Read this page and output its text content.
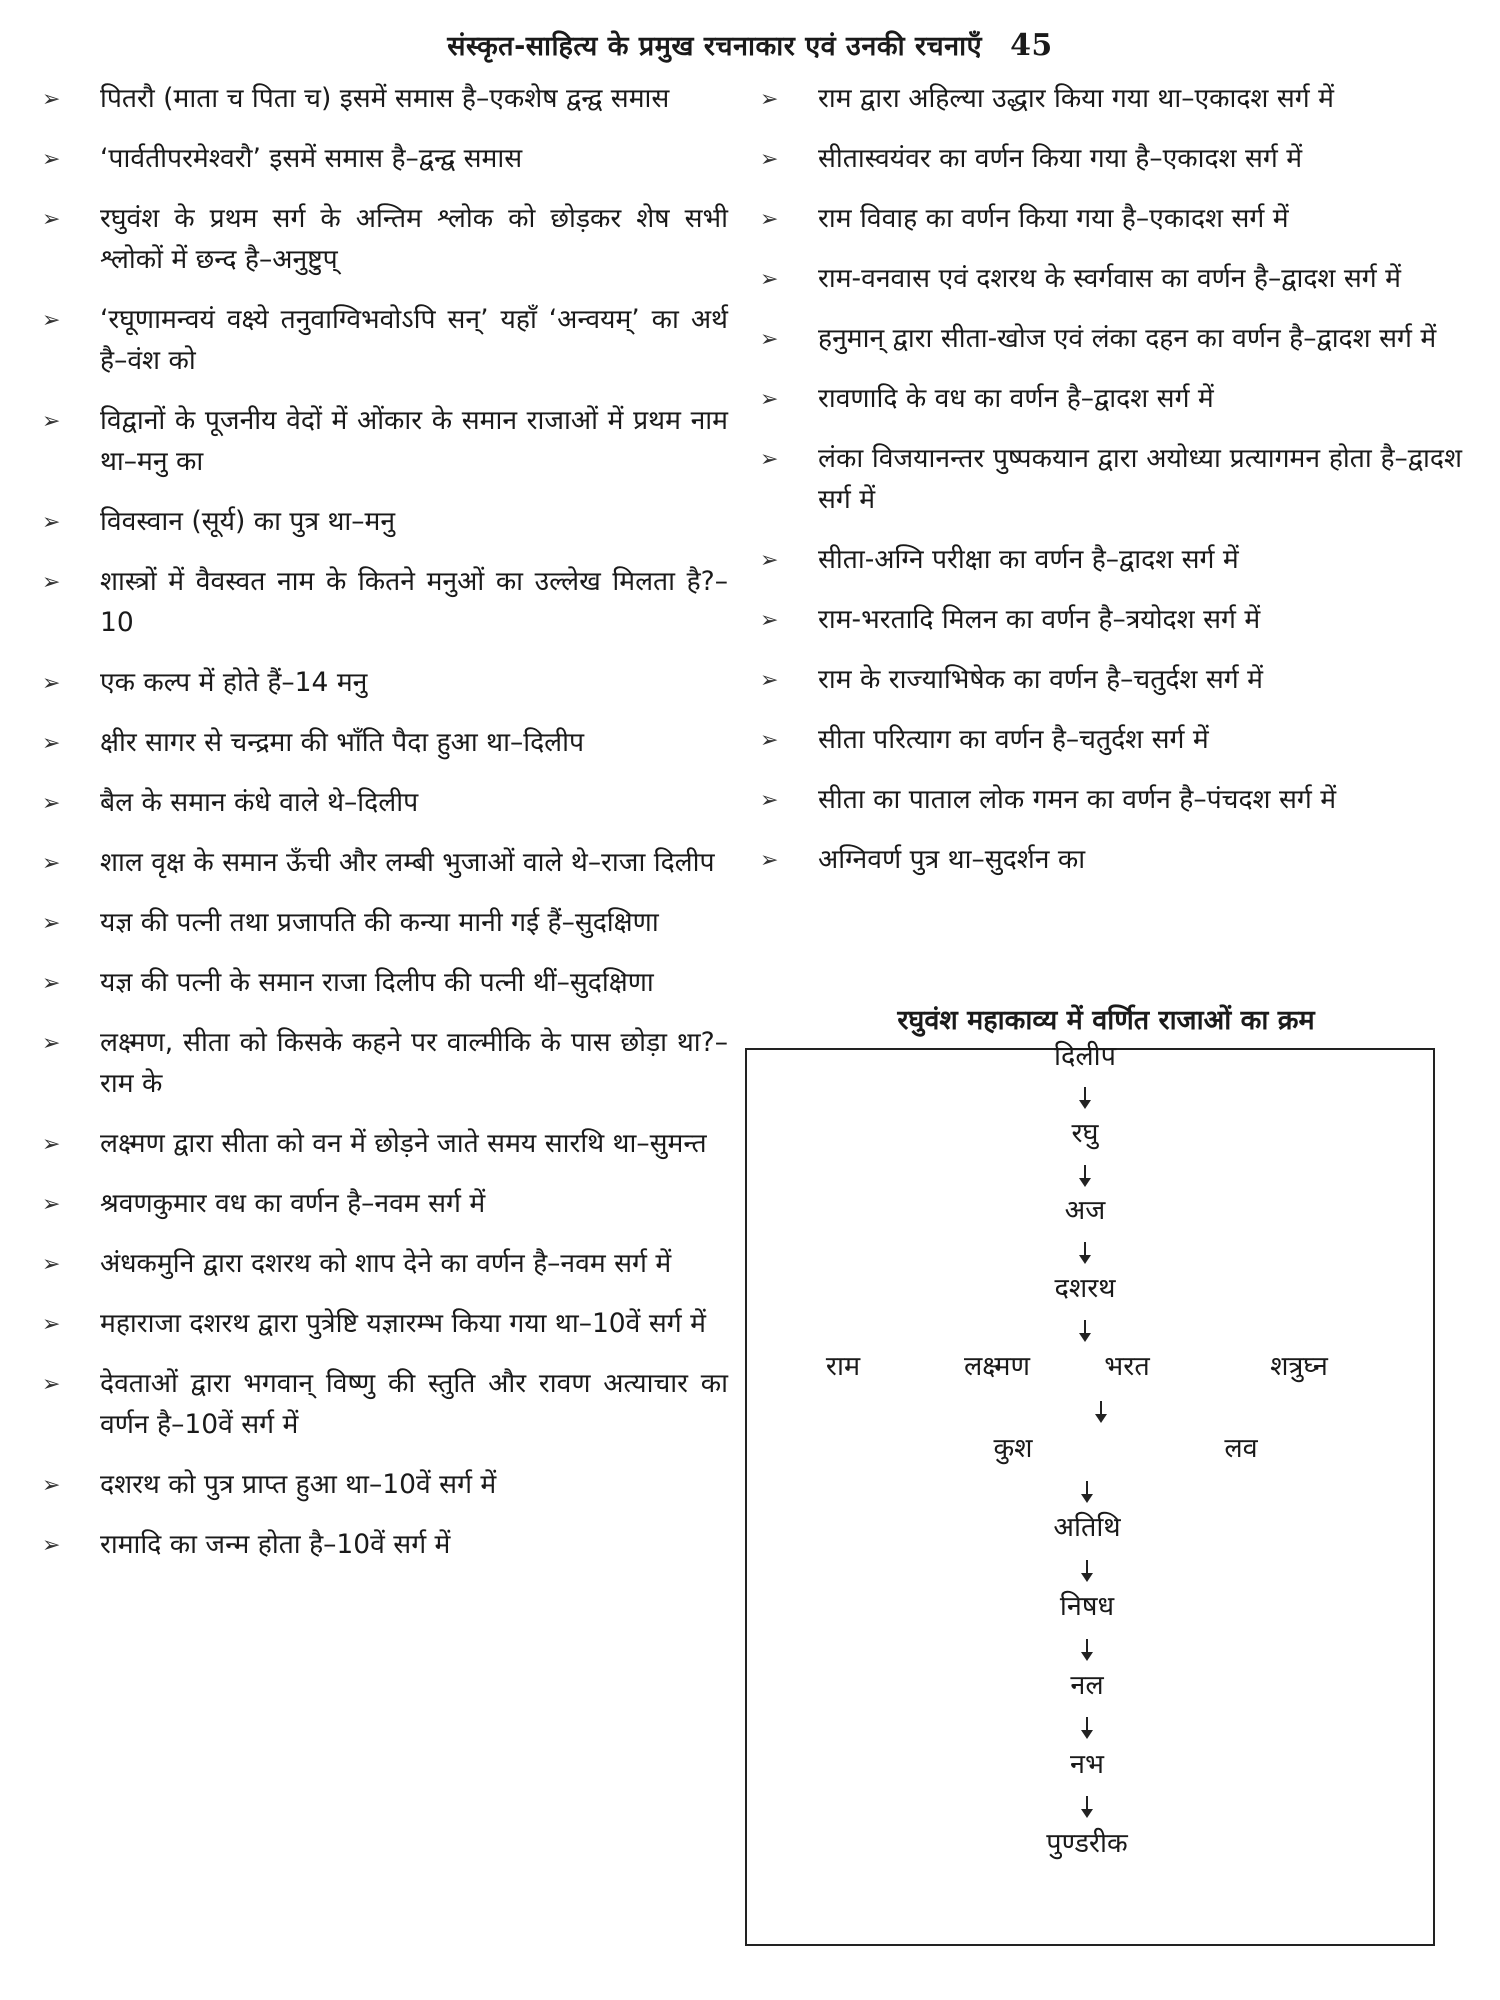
संस्कृत-साहित्य के प्रमुख रचनाकार एवं उनकी रचनाएँ 45
➢ पितरौ (माता च पिता च) इसमें समास है–एकशेष द्वन्द्व समास
➢ ‘पार्वतीपरमेश्वरौ’ इसमें समास है–द्वन्द्व समास
➢ रघुवंश के प्रथम सर्ग के अन्तिम श्लोक को छोड़कर शेष सभी श्लोकों में छन्द है–अनुष्टुप्
➢ ‘रघूणामन्वयं वक्ष्ये तनुवाग्विभवोऽपि सन्’ यहाँ ‘अन्वयम्’ का अर्थ है–वंश को
➢ विद्वानों के पूजनीय वेदों में ओंकार के समान राजाओं में प्रथम नाम था–मनु का
➢ विवस्वान (सूर्य) का पुत्र था–मनु
➢ शास्त्रों में वैवस्वत नाम के कितने मनुओं का उल्लेख मिलता है?–10
➢ एक कल्प में होते हैं–14 मनु
➢ क्षीर सागर से चन्द्रमा की भाँति पैदा हुआ था–दिलीप
➢ बैल के समान कंधे वाले थे–दिलीप
➢ शाल वृक्ष के समान ऊँची और लम्बी भुजाओं वाले थे–राजा दिलीप
➢ यज्ञ की पत्नी तथा प्रजापति की कन्या मानी गई हैं–सुदक्षिणा
➢ यज्ञ की पत्नी के समान राजा दिलीप की पत्नी थीं–सुदक्षिणा
➢ लक्ष्मण, सीता को किसके कहने पर वाल्मीकि के पास छोड़ा था?–राम के
➢ लक्ष्मण द्वारा सीता को वन में छोड़ने जाते समय सारथि था–सुमन्त
➢ श्रवणकुमार वध का वर्णन है–नवम सर्ग में
➢ अंधकमुनि द्वारा दशरथ को शाप देने का वर्णन है–नवम सर्ग में
➢ महाराजा दशरथ द्वारा पुत्रेष्टि यज्ञारम्भ किया गया था–10वें सर्ग में
➢ देवताओं द्वारा भगवान् विष्णु की स्तुति और रावण अत्याचार का वर्णन है–10वें सर्ग में
➢ दशरथ को पुत्र प्राप्त हुआ था–10वें सर्ग में
➢ रामादि का जन्म होता है–10वें सर्ग में
➢ राम द्वारा अहिल्या उद्धार किया गया था–एकादश सर्ग में
➢ सीतास्वयंवर का वर्णन किया गया है–एकादश सर्ग में
➢ राम विवाह का वर्णन किया गया है–एकादश सर्ग में
➢ राम-वनवास एवं दशरथ के स्वर्गवास का वर्णन है–द्वादश सर्ग में
➢ हनुमान् द्वारा सीता-खोज एवं लंका दहन का वर्णन है–द्वादश सर्ग में
➢ रावणादि के वध का वर्णन है–द्वादश सर्ग में
➢ लंका विजयानन्तर पुष्पकयान द्वारा अयोध्या प्रत्यागमन होता है–द्वादश सर्ग में
➢ सीता-अग्नि परीक्षा का वर्णन है–द्वादश सर्ग में
➢ राम-भरतादि मिलन का वर्णन है–त्रयोदश सर्ग में
➢ राम के राज्याभिषेक का वर्णन है–चतुर्दश सर्ग में
➢ सीता परित्याग का वर्णन है–चतुर्दश सर्ग में
➢ सीता का पाताल लोक गमन का वर्णन है–पंचदश सर्ग में
➢ अग्निवर्ण पुत्र था–सुदर्शन का
रघुवंश महाकाव्य में वर्णित राजाओं का क्रम
दिलीप
रघु
अज
दशरथ
राम	लक्ष्मण	भरत	शत्रुघ्न
कुश	लव
अतिथि
निषध
नल
नभ
पुण्डरीक
